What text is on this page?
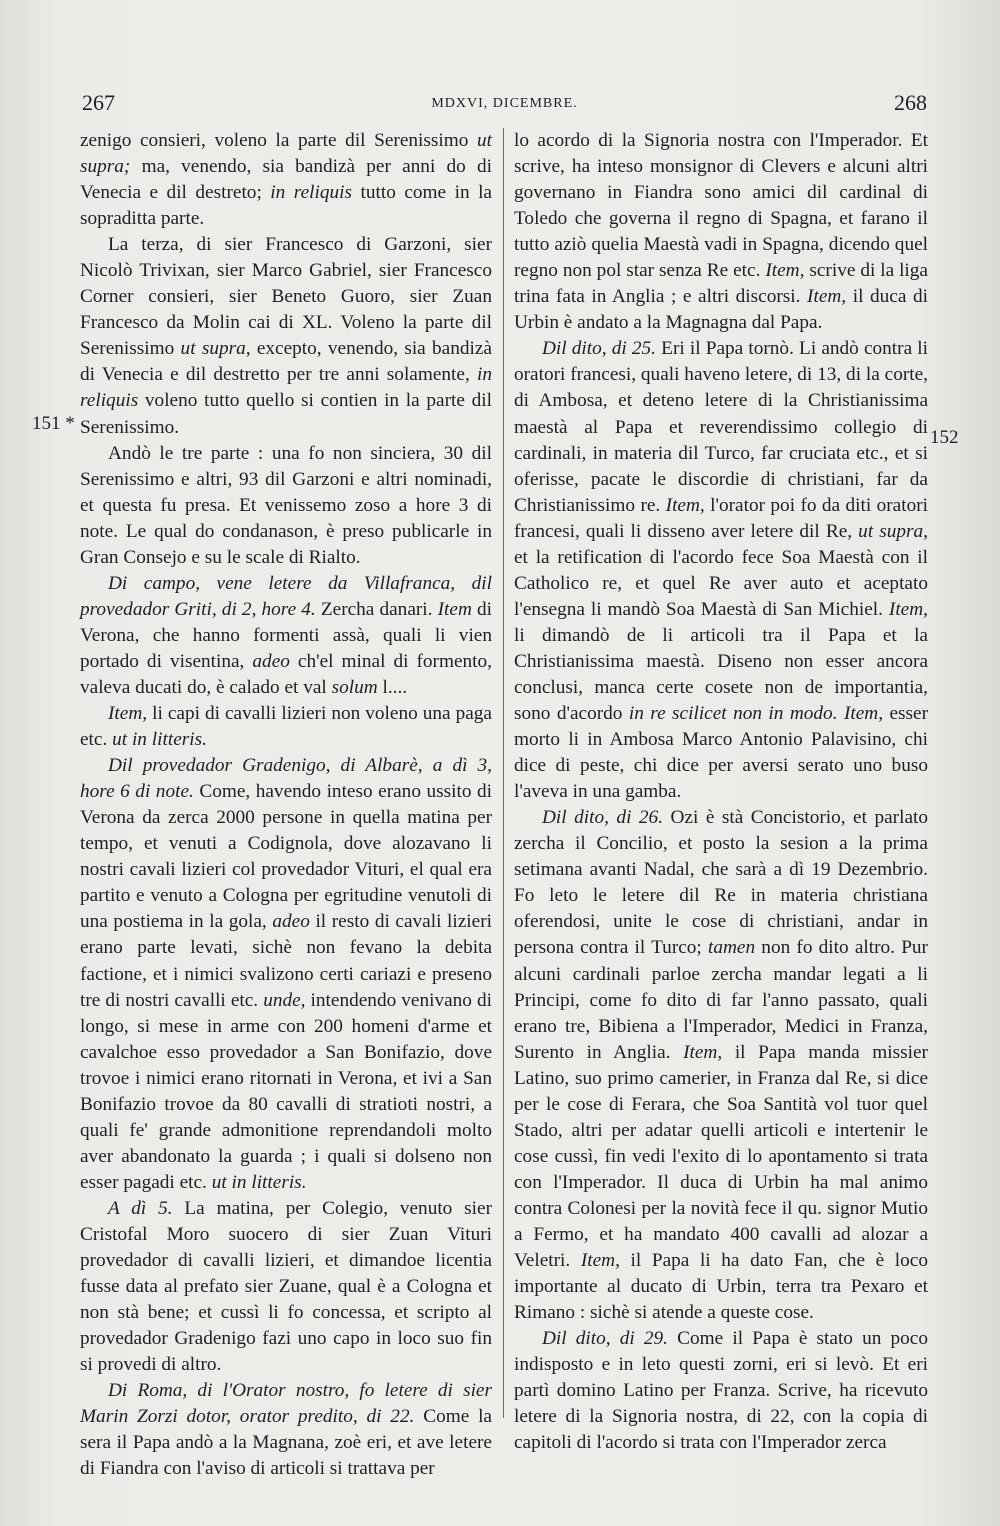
267	MDXVI, DICEMBRE.	268
151 *
152

zenigo consieri, voleno la parte dil Serenissimo ut supra; ma, venendo, sia bandizà per anni do di Venecia e dil destreto; in reliquis tutto come in la sopraditta parte.

La terza, di sier Francesco di Garzoni, sier Nicolò Trivixan, sier Marco Gabriel, sier Francesco Corner consieri, sier Beneto Guoro, sier Zuan Francesco da Molin cai di XL. Voleno la parte dil Serenissimo ut supra, excepto, venendo, sia bandizà di Venecia e dil destretto per tre anni solamente, in reliquis voleno tutto quello si contien in la parte dil Serenissimo.

Andò le tre parte : una fo non sinciera, 30 dil Serenissimo e altri, 93 dil Garzoni e altri nominadi, et questa fu presa. Et venissemo zoso a hore 3 di note. Le qual do condanason, è preso publicarle in Gran Consejo e su le scale di Rialto.

Di campo, vene letere da Villafranca, dil provedador Griti, di 2, hore 4. Zercha danari. Item di Verona, che hanno formenti assà, quali li vien portado di visentina, adeo ch'el minal di formento, valeva ducati do, è calado et val solum l....

Item, li capi di cavalli lizieri non voleno una paga etc. ut in litteris.

Dil provedador Gradenigo, di Albarè, a dì 3, hore 6 di note. Come, havendo inteso erano ussito di Verona da zerca 2000 persone in quella matina per tempo, et venuti a Codignola, dove alozavano li nostri cavali lizieri col provedador Vituri, el qual era partito e venuto a Cologna per egritudine venutoli di una postiema in la gola, adeo il resto di cavali lizieri erano parte levati, sichè non fevano la debita factione, et i nimici svalizono certi cariazi e preseno tre di nostri cavalli etc. unde, intendendo venivano di longo, si mese in arme con 200 homeni d'arme et cavalchoe esso provedador a San Bonifazio, dove trovoe i nimici erano ritornati in Verona, et ivi a San Bonifazio trovoe da 80 cavalli di stratioti nostri, a quali fe' grande admonitione reprendandoli molto aver abandonato la guarda ; i quali si dolseno non esser pagadi etc. ut in litteris.

A dì 5. La matina, per Colegio, venuto sier Cristofal Moro suocero di sier Zuan Vituri provedador di cavalli lizieri, et dimandoe licentia fusse data al prefato sier Zuane, qual è a Cologna et non stà bene; et cussì li fo concessa, et scripto al provedador Gradenigo fazi uno capo in loco suo fin si provedi di altro.

Di Roma, di l'Orator nostro, fo letere di sier Marin Zorzi dotor, orator predito, di 22. Come la sera il Papa andò a la Magnana, zoè eri, et ave letere di Fiandra con l'aviso di articoli si trattava per

lo acordo di la Signoria nostra con l'Imperador. Et scrive, ha inteso monsignor di Clevers e alcuni altri governano in Fiandra sono amici dil cardinal di Toledo che governa il regno di Spagna, et farano il tutto aziò quelia Maestà vadi in Spagna, dicendo quel regno non pol star senza Re etc. Item, scrive di la liga trina fata in Anglia ; e altri discorsi. Item, il duca di Urbin è andato a la Magnagna dal Papa.

Dil dito, di 25. Eri il Papa tornò. Li andò contra li oratori francesi, quali haveno letere, di 13, di la corte, di Ambosa, et deteno letere di la Christianissima maestà al Papa et reverendissimo collegio di cardinali, in materia dil Turco, far cruciata etc., et si oferisse, pacate le discordie di christiani, far da Christianissimo re. Item, l'orator poi fo da diti oratori francesi, quali li disseno aver letere dil Re, ut supra, et la retification di l'acordo fece Soa Maestà con il Catholico re, et quel Re aver auto et aceptato l'ensegna li mandò Soa Maestà di San Michiel. Item, li dimandò de li articoli tra il Papa et la Christianissima maestà. Diseno non esser ancora conclusi, manca certe cosete non de importantia, sono d'acordo in re scilicet non in modo. Item, esser morto li in Ambosa Marco Antonio Palavisino, chi dice di peste, chi dice per aversi serato uno buso l'aveva in una gamba.

Dil dito, di 26. Ozi è stà Concistorio, et parlato zercha il Concilio, et posto la sesion a la prima setimana avanti Nadal, che sarà a dì 19 Dezembrio. Fo leto le letere dil Re in materia christiana oferendosi, unite le cose di christiani, andar in persona contra il Turco; tamen non fo dito altro. Pur alcuni cardinali parloe zercha mandar legati a li Principi, come fo dito di far l'anno passato, quali erano tre, Bibiena a l'Imperador, Medici in Franza, Surento in Anglia. Item, il Papa manda missier Latino, suo primo camerier, in Franza dal Re, si dice per le cose di Ferara, che Soa Santità vol tuor quel Stado, altri per adatar quelli articoli e intertenir le cose cussì, fin vedi l'exito di lo apontamento si trata con l'Imperador. Il duca di Urbin ha mal animo contra Colonesi per la novità fece il qu. signor Mutio a Fermo, et ha mandato 400 cavalli ad alozar a Veletri. Item, il Papa li ha dato Fan, che è loco importante al ducato di Urbin, terra tra Pexaro et Rimano : sichè si atende a queste cose.

Dil dito, di 29. Come il Papa è stato un poco indisposto e in leto questi zorni, eri si levò. Et eri partì domino Latino per Franza. Scrive, ha ricevuto letere di la Signoria nostra, di 22, con la copia di capitoli di l'acordo si trata con l'Imperador zerca
